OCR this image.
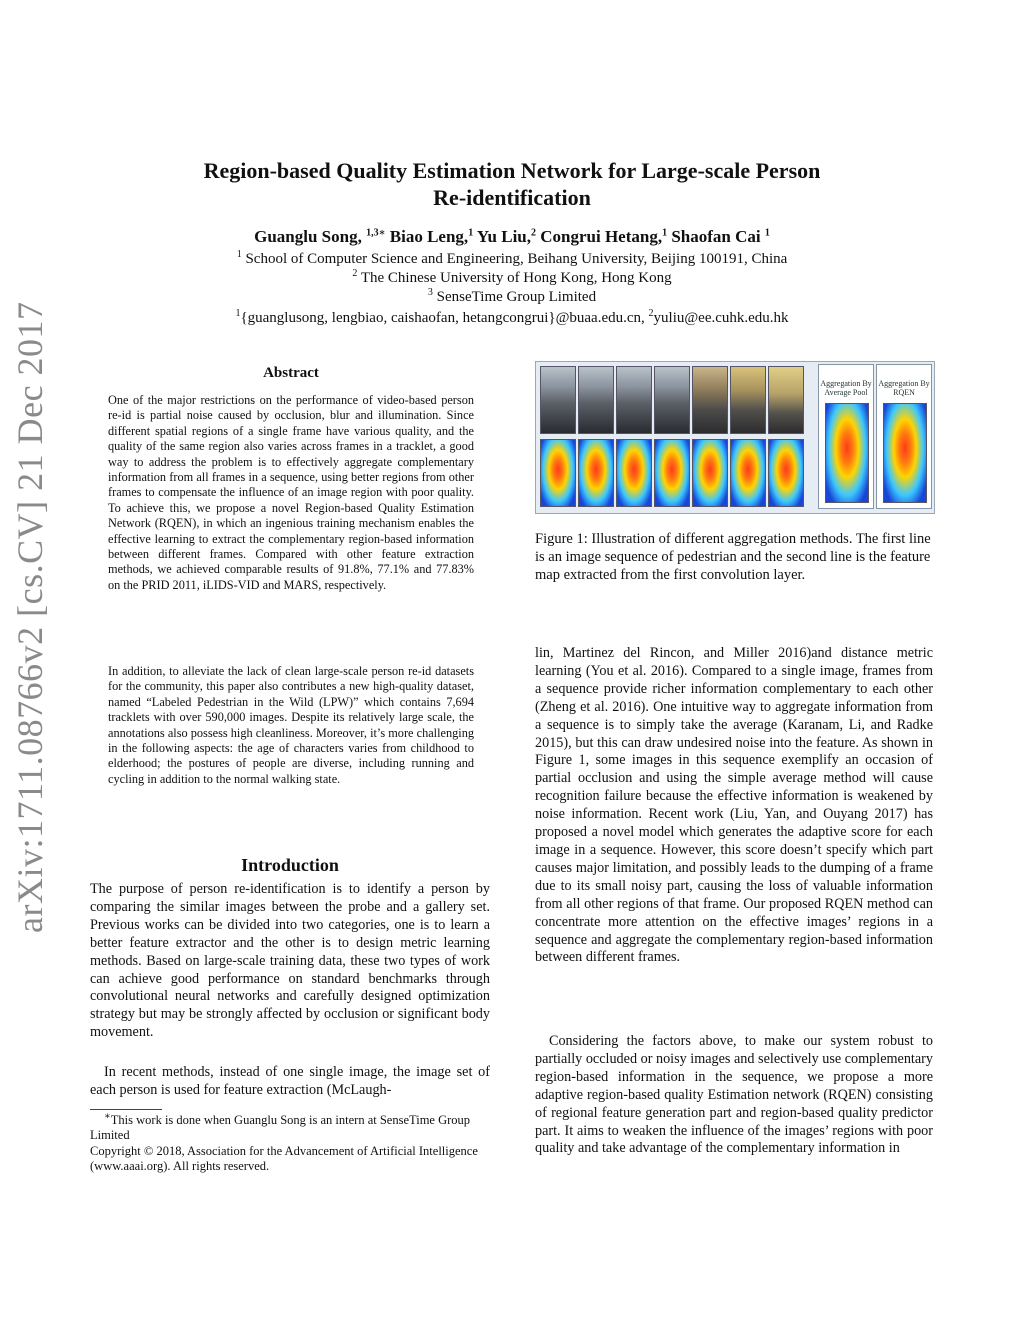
arXiv:1711.08766v2 [cs.CV] 21 Dec 2017
Region-based Quality Estimation Network for Large-scale Person
Re-identification
Guanglu Song, $^{1,3∗}$ Biao Leng,$^1$ Yu Liu,$^2$ Congrui Hetang,$^1$ Shaofan Cai $^1$
$^1$ School of Computer Science and Engineering, Beihang University, Beijing 100191, China
$^2$ The Chinese University of Hong Kong, Hong Kong
$^3$ SenseTime Group Limited
$^1${guanglusong, lengbiao, caishaofan, hetangcongrui}@buaa.edu.cn, $^2$yuliu@ee.cuhk.edu.hk
Abstract
One of the major restrictions on the performance of video-based person re-id is partial noise caused by occlusion, blur and illumination. Since different spatial regions of a single frame have various quality, and the quality of the same region also varies across frames in a tracklet, a good way to address the problem is to effectively aggregate complementary information from all frames in a sequence, using better regions from other frames to compensate the influence of an image region with poor quality. To achieve this, we propose a novel Region-based Quality Estimation Network (RQEN), in which an ingenious training mechanism enables the effective learning to extract the complementary region-based information between different frames. Compared with other feature extraction methods, we achieved comparable results of 91.8%, 77.1% and 77.83% on the PRID 2011, iLIDS-VID and MARS, respectively.
In addition, to alleviate the lack of clean large-scale person re-id datasets for the community, this paper also contributes a new high-quality dataset, named “Labeled Pedestrian in the Wild (LPW)” which contains 7,694 tracklets with over 590,000 images. Despite its relatively large scale, the annotations also possess high cleanliness. Moreover, it’s more challenging in the following aspects: the age of characters varies from childhood to elderhood; the postures of people are diverse, including running and cycling in addition to the normal walking state.
Introduction
The purpose of person re-identification is to identify a person by comparing the similar images between the probe and a gallery set. Previous works can be divided into two categories, one is to learn a better feature extractor and the other is to design metric learning methods. Based on large-scale training data, these two types of work can achieve good performance on standard benchmarks through convolutional neural networks and carefully designed optimization strategy but may be strongly affected by occlusion or significant body movement.
In recent methods, instead of one single image, the image set of each person is used for feature extraction (McLaugh-
∗This work is done when Guanglu Song is an intern at SenseTime Group Limited
Copyright © 2018, Association for the Advancement of Artificial Intelligence (www.aaai.org). All rights reserved.
Aggregation By Average Pool
Aggregation By RQEN
Figure 1: Illustration of different aggregation methods. The first line is an image sequence of pedestrian and the second line is the feature map extracted from the first convolution layer.
lin, Martinez del Rincon, and Miller 2016)and distance metric learning (You et al. 2016). Compared to a single image, frames from a sequence provide richer information complementary to each other (Zheng et al. 2016). One intuitive way to aggregate information from a sequence is to simply take the average (Karanam, Li, and Radke 2015), but this can draw undesired noise into the feature. As shown in Figure 1, some images in this sequence exemplify an occasion of partial occlusion and using the simple average method will cause recognition failure because the effective information is weakened by noise information. Recent work (Liu, Yan, and Ouyang 2017) has proposed a novel model which generates the adaptive score for each image in a sequence. However, this score doesn’t specify which part causes major limitation, and possibly leads to the dumping of a frame due to its small noisy part, causing the loss of valuable information from all other regions of that frame. Our proposed RQEN method can concentrate more attention on the effective images’ regions in a sequence and aggregate the complementary region-based information between different frames.
Considering the factors above, to make our system robust to partially occluded or noisy images and selectively use complementary region-based information in the sequence, we propose a more adaptive region-based quality Estimation network (RQEN) consisting of regional feature generation part and region-based quality predictor part. It aims to weaken the influence of the images’ regions with poor quality and take advantage of the complementary information in
